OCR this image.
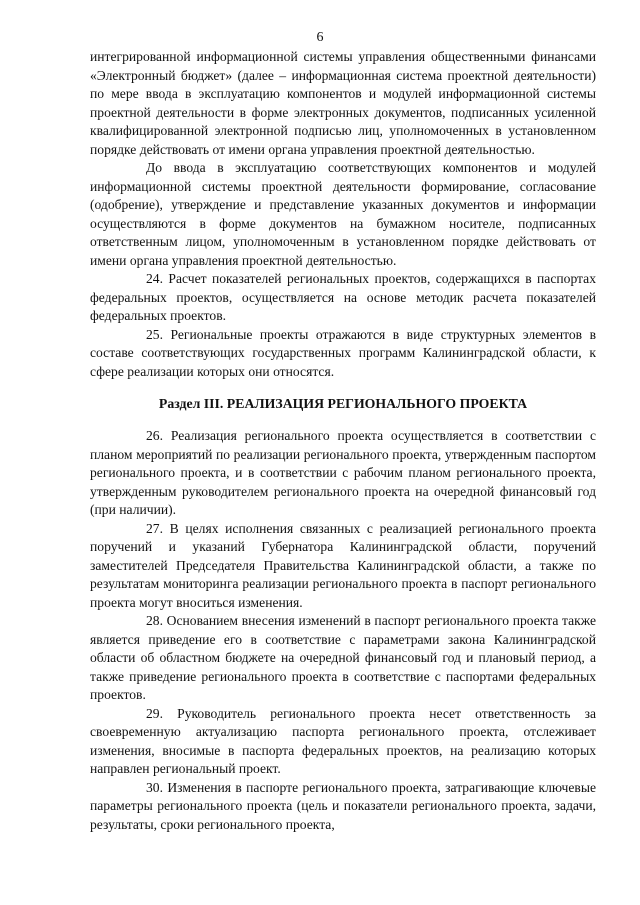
6

интегрированной информационной системы управления общественными финансами «Электронный бюджет» (далее – информационная система проектной деятельности) по мере ввода в эксплуатацию компонентов и модулей информационной системы проектной деятельности в форме электронных документов, подписанных усиленной квалифицированной электронной подписью лиц, уполномоченных в установленном порядке действовать от имени органа управления проектной деятельностью.

До ввода в эксплуатацию соответствующих компонентов и модулей информационной системы проектной деятельности формирование, согласование (одобрение), утверждение и представление указанных документов и информации осуществляются в форме документов на бумажном носителе, подписанных ответственным лицом, уполномоченным в установленном порядке действовать от имени органа управления проектной деятельностью.

24. Расчет показателей региональных проектов, содержащихся в паспортах федеральных проектов, осуществляется на основе методик расчета показателей федеральных проектов.

25. Региональные проекты отражаются в виде структурных элементов в составе соответствующих государственных программ Калининградской области, к сфере реализации которых они относятся.

Раздел III. РЕАЛИЗАЦИЯ РЕГИОНАЛЬНОГО ПРОЕКТА

26. Реализация регионального проекта осуществляется в соответствии с планом мероприятий по реализации регионального проекта, утвержденным паспортом регионального проекта, и в соответствии с рабочим планом регионального проекта, утвержденным руководителем регионального проекта на очередной финансовый год (при наличии).

27. В целях исполнения связанных с реализацией регионального проекта поручений и указаний Губернатора Калининградской области, поручений заместителей Председателя Правительства Калининградской области, а также по результатам мониторинга реализации регионального проекта в паспорт регионального проекта могут вноситься изменения.

28. Основанием внесения изменений в паспорт регионального проекта также является приведение его в соответствие с параметрами закона Калининградской области об областном бюджете на очередной финансовый год и плановый период, а также приведение регионального проекта в соответствие с паспортами федеральных проектов.

29. Руководитель регионального проекта несет ответственность за своевременную актуализацию паспорта регионального проекта, отслеживает изменения, вносимые в паспорта федеральных проектов, на реализацию которых направлен региональный проект.

30. Изменения в паспорте регионального проекта, затрагивающие ключевые параметры регионального проекта (цель и показатели регионального проекта, задачи, результаты, сроки регионального проекта,
